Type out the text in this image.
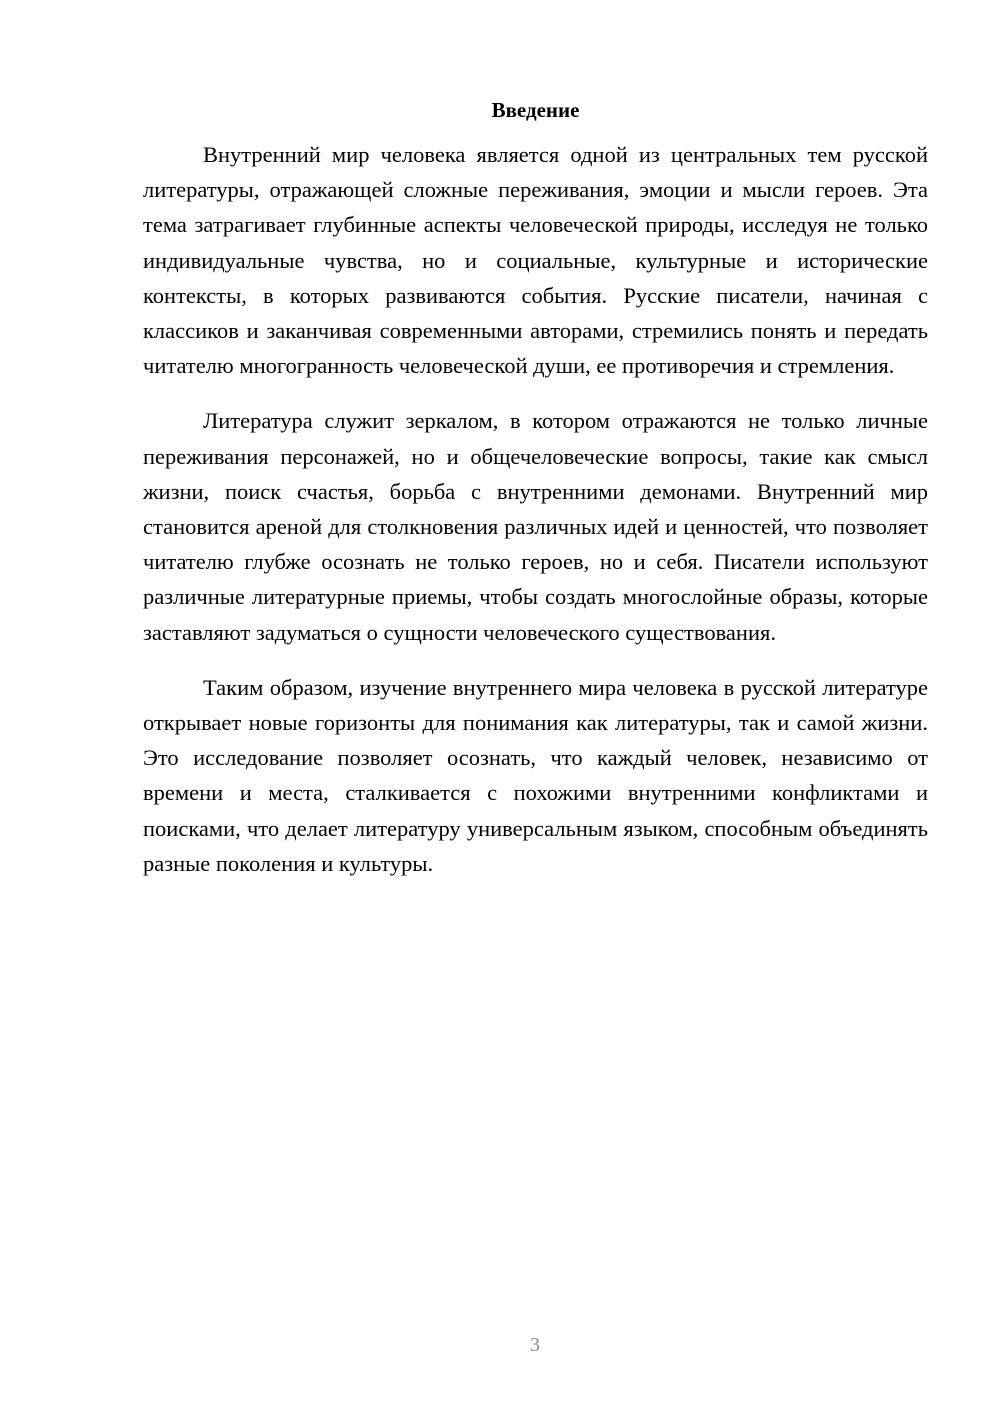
Введение

Внутренний мир человека является одной из центральных тем русской литературы, отражающей сложные переживания, эмоции и мысли героев. Эта тема затрагивает глубинные аспекты человеческой природы, исследуя не только индивидуальные чувства, но и социальные, культурные и исторические контексты, в которых развиваются события. Русские писатели, начиная с классиков и заканчивая современными авторами, стремились понять и передать читателю многогранность человеческой души, ее противоречия и стремления.

Литература служит зеркалом, в котором отражаются не только личные переживания персонажей, но и общечеловеческие вопросы, такие как смысл жизни, поиск счастья, борьба с внутренними демонами. Внутренний мир становится ареной для столкновения различных идей и ценностей, что позволяет читателю глубже осознать не только героев, но и себя. Писатели используют различные литературные приемы, чтобы создать многослойные образы, которые заставляют задуматься о сущности человеческого существования.

Таким образом, изучение внутреннего мира человека в русской литературе открывает новые горизонты для понимания как литературы, так и самой жизни. Это исследование позволяет осознать, что каждый человек, независимо от времени и места, сталкивается с похожими внутренними конфликтами и поисками, что делает литературу универсальным языком, способным объединять разные поколения и культуры.

3
